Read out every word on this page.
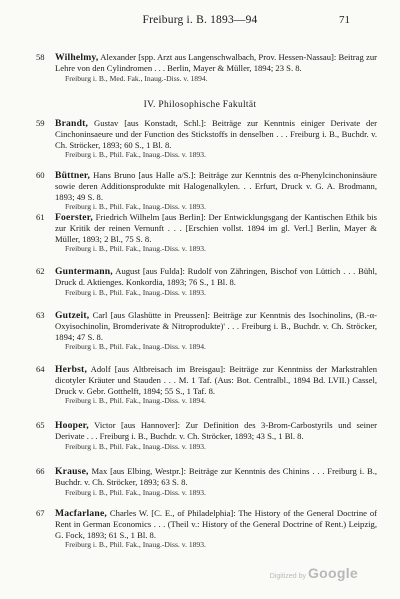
Freiburg i. B. 1893—94	71
58 Wilhelmy, Alexander [spp. Arzt aus Langenschwalbach, Prov. Hessen-Nassau]: Beitrag zur Lehre von den Cylindromen . . . Berlin, Mayer & Müller, 1894; 23 S. 8.
Freiburg i. B., Med. Fak., Inaug.-Diss. v. 1894.
IV. Philosophische Fakultät
59 Brandt, Gustav [aus Konstadt, Schl.]: Beiträge zur Kenntnis einiger Derivate der Cinchoninsaeure und der Function des Stickstoffs in denselben . . . Freiburg i. B., Buchdr. v. Ch. Ströcker, 1893; 60 S., 1 Bl. 8.
Freiburg i. B., Phil. Fak., Inaug.-Diss. v. 1893.
60 Büttner, Hans Bruno [aus Halle a/S.]: Beiträge zur Kenntnis des α-Phenylcinchoninsäure sowie deren Additionsprodukte mit Halogenalkylen. . . Erfurt, Druck v. G. A. Brodmann, 1893; 49 S. 8.
Freiburg i. B., Phil. Fak., Inaug.-Diss. v. 1893.
61 Foerster, Friedrich Wilhelm [aus Berlin]: Der Entwicklungsgang der Kantischen Ethik bis zur Kritik der reinen Vernunft . . . [Erschien vollst. 1894 im gl. Verl.] Berlin, Mayer & Müller, 1893; 2 Bl., 75 S. 8.
Freiburg i. B., Phil. Fak., Inaug.-Diss. v. 1893.
62 Guntermann, August [aus Fulda]: Rudolf von Zähringen, Bischof von Lüttich . . . Bühl, Druck d. Aktienges. Konkordia, 1893; 76 S., 1 Bl. 8.
Freiburg i. B., Phil. Fak., Inaug.-Diss. v. 1893.
63 Gutzeit, Carl [aus Glashütte in Preussen]: Beiträge zur Kenntnis des Isochinolins, (B.-α-Oxyisochinolin, Bromderivate & Nitroprodukte)' . . . Freiburg i. B., Buchdr. v. Ch. Ströcker, 1894; 47 S. 8.
Freiburg i. B., Phil. Fak., Inaug.-Diss. v. 1894.
64 Herbst, Adolf [aus Altbreisach im Breisgau]: Beiträge zur Kenntniss der Markstrahlen dicotyler Kräuter und Stauden . . . M. 1 Taf. (Aus: Bot. Centralbl., 1894 Bd. LVII.) Cassel, Druck v. Gebr. Gotthelft, 1894; 55 S., 1 Taf. 8.
Freiburg i. B., Phil. Fak., Inaug.-Diss. v. 1894.
65 Hooper, Victor [aus Hannover]: Zur Definition des 3-Brom-Carbostyrils und seiner Derivate . . . Freiburg i. B., Buchdr. v. Ch. Ströcker, 1893; 43 S., 1 Bl. 8.
Freiburg i. B., Phil. Fak., Inaug.-Diss. v. 1893.
66 Krause, Max [aus Elbing, Westpr.]: Beiträge zur Kenntnis des Chinins . . . Freiburg i. B., Buchdr. v. Ch. Ströcker, 1893; 63 S. 8.
Freiburg i. B., Phil. Fak., Inaug.-Diss. v. 1893.
67 Macfarlane, Charles W. [C. E., of Philadelphia]: The History of the General Doctrine of Rent in German Economics . . . (Theil v.: History of the General Doctrine of Rent.) Leipzig, G. Fock, 1893; 61 S., 1 Bl. 8.
Freiburg i. B., Phil. Fak., Inaug.-Diss. v. 1893.
Digitized by Google
